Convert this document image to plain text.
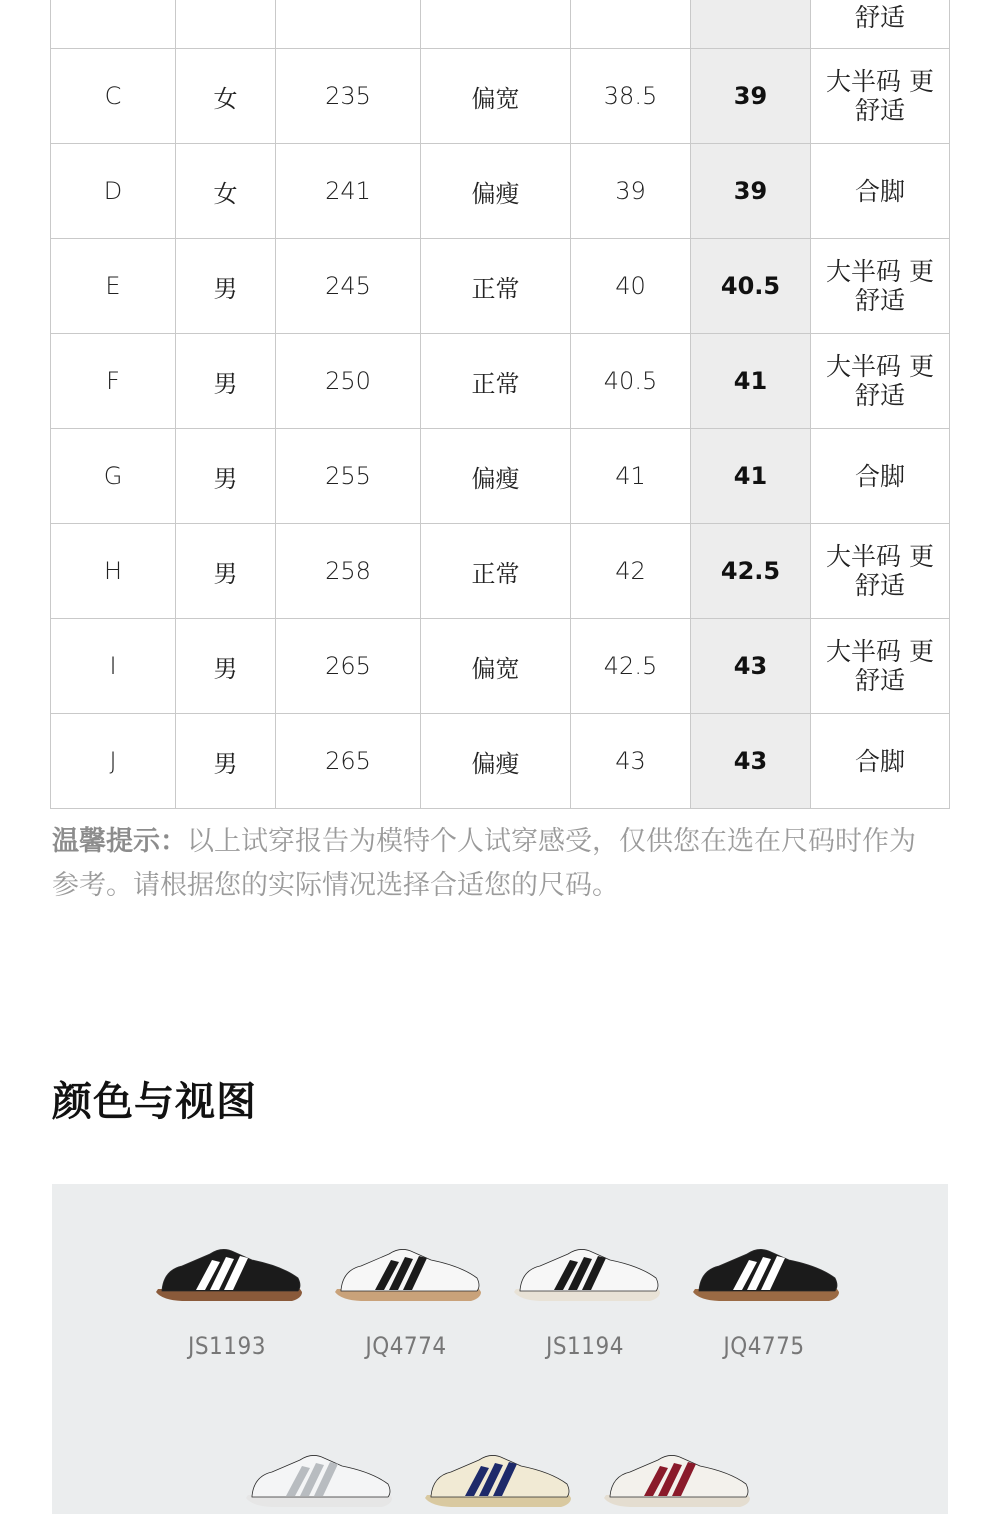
						舒适
C	女	235	偏宽	38.5	39	大半码 更舒适
D	女	241	偏瘦	39	39	合脚
E	男	245	正常	40	40.5	大半码 更舒适
F	男	250	正常	40.5	41	大半码 更舒适
G	男	255	偏瘦	41	41	合脚
H	男	258	正常	42	42.5	大半码 更舒适
I	男	265	偏宽	42.5	43	大半码 更舒适
J	男	265	偏瘦	43	43	合脚
温馨提示：以上试穿报告为模特个人试穿感受，仅供您在选在尺码时作为参考。请根据您的实际情况选择合适您的尺码。
颜色与视图
JS1193	JQ4774	JS1194	JQ4775
